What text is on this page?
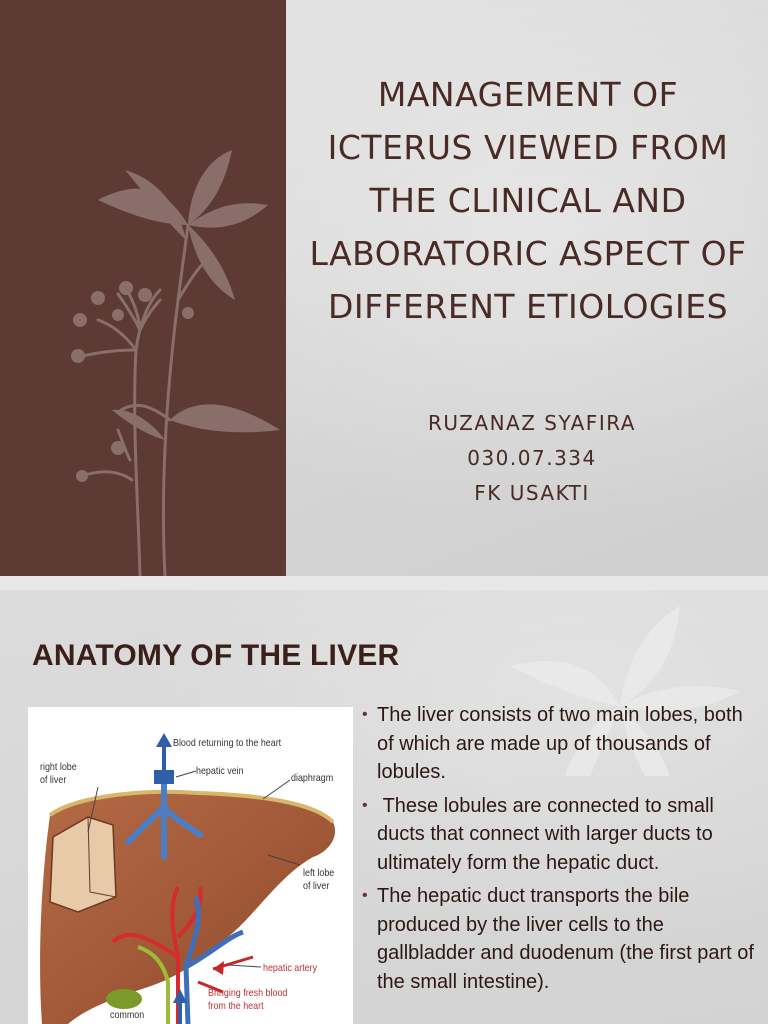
MANAGEMENT OF ICTERUS VIEWED FROM THE CLINICAL AND LABORATORIC ASPECT OF DIFFERENT ETIOLOGIES
RUZANAZ SYAFIRA
030.07.334
FK USAKTI
ANATOMY OF THE LIVER
Blood returning to the heart
hepatic vein
right lobe
of liver	diaphragm
left lobe
of liver
hepatic artery
Bringing fresh blood
from the heart
common
• The liver consists of two main lobes, both of which are made up of thousands of lobules.
• These lobules are connected to small ducts that connect with larger ducts to ultimately form the hepatic duct.
• The hepatic duct transports the bile produced by the liver cells to the gallbladder and duodenum (the first part of the small intestine).
